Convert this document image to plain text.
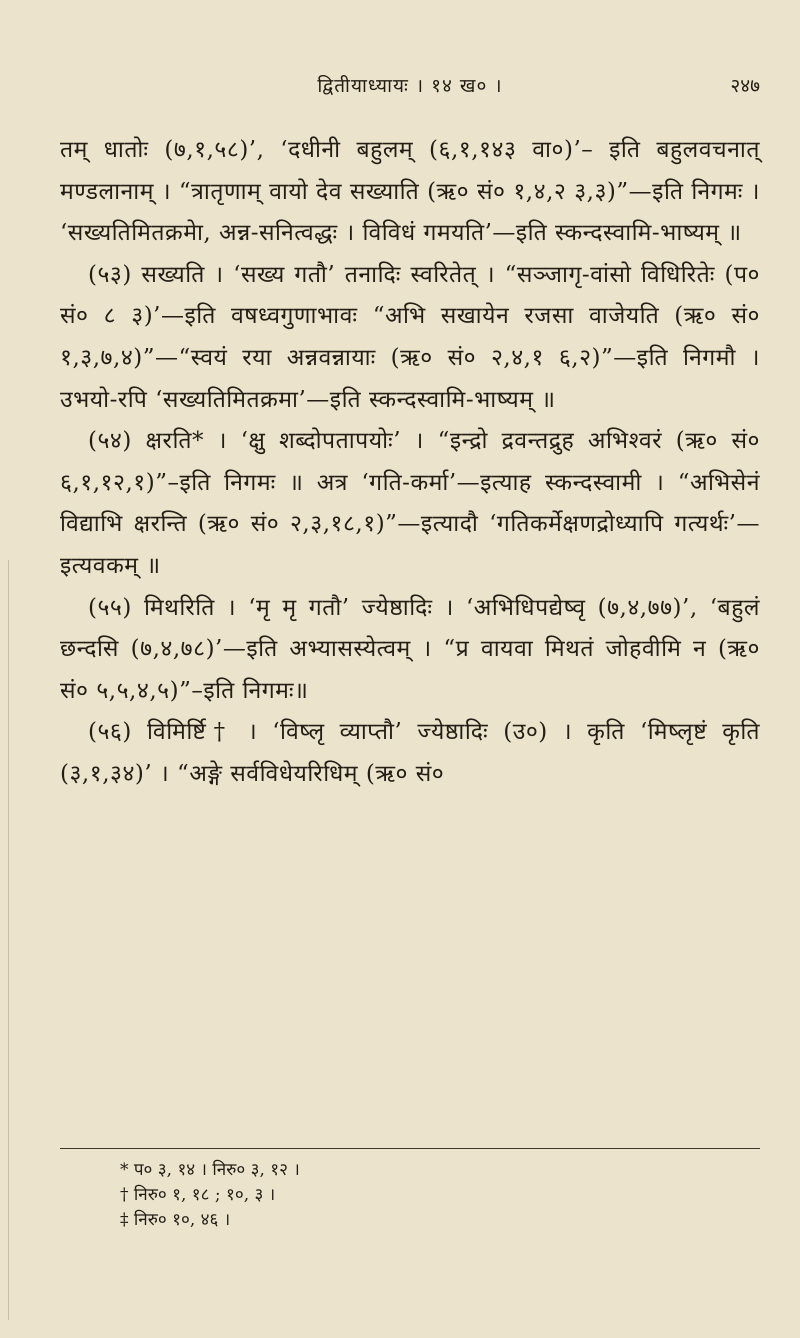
द्वितीयाध्यायः । १४ ख० ।	२४७

तम् धातोः (७,१,५८)’, ‘दधीनी बहुलम् (६,१,१४३ वा०)’– इति बहुलवचनात् मण्डलानाम् । “त्रातृणाम् वायो देव सख्याति (ऋ० सं० १,४,२ ३,३)”—इति निगमः । ‘सख्यतिमितक्रमेा, अन्न-सनित्वद्धः । विविधं गमयति’—इति स्कन्दस्वामि-भाष्यम् ॥

(५३) सख्यति । ‘सख्य गतौ’ तनादिः स्वरितेत् । “सञ्जागृ-वांसो विधिरितेः (प० सं० ८ ३)’—इति वषध्वगुणाभावः “अभि सखायेन रजसा वाजेयति (ऋ० सं० १,३,७,४)”—“स्वयं रया अन्नवन्नायाः (ऋ० सं० २,४,१ ६,२)”—इति निगमौ । उभयो-रपि ‘सख्यतिमितक्रमा’—इति स्कन्दस्वामि-भाष्यम् ॥

(५४) क्षरति* । ‘क्षु शब्दोपतापयोः’ । “इन्द्रो द्रवन्तद्रुह अभिश्वरं (ऋ० सं० ६,१,१२,१)”–इति निगमः ॥ अत्र ‘गति-कर्मा’—इत्याह स्कन्दस्वामी । “अभिसेनं विद्याभि क्षरन्ति (ऋ० सं० २,३,१८,१)”—इत्यादौ ‘गतिकर्मेक्षणद्रोध्यापि गत्यर्थः’— इत्यवकम् ॥

(५५) मिथरिति । ‘मृ मृ गतौ’ ज्येष्ठादिः । ‘अभिधिपद्येष्वृ (७,४,७७)’, ‘बहुलं छन्दसि (७,४,७८)’—इति अभ्यासस्येत्वम् । “प्र वायवा मिथतं जोहवीमि न (ऋ० सं० ५,५,४,५)”–इति निगमः॥

(५६) विमिर्ष्टि† । ‘विष्लृ व्याप्तौ’ ज्येष्ठादिः (उ०) । कृति ‘मिष्लृष्टं कृति (३,१,३४)’ । “अङ्गे सर्वविधेयरिधिम् (ऋ० सं०

* प० ३, १४ । निरु० ३, १२ ।

† निरु० १, १८ ; १०, ३ ।

‡ निरु० १०, ४६ ।
